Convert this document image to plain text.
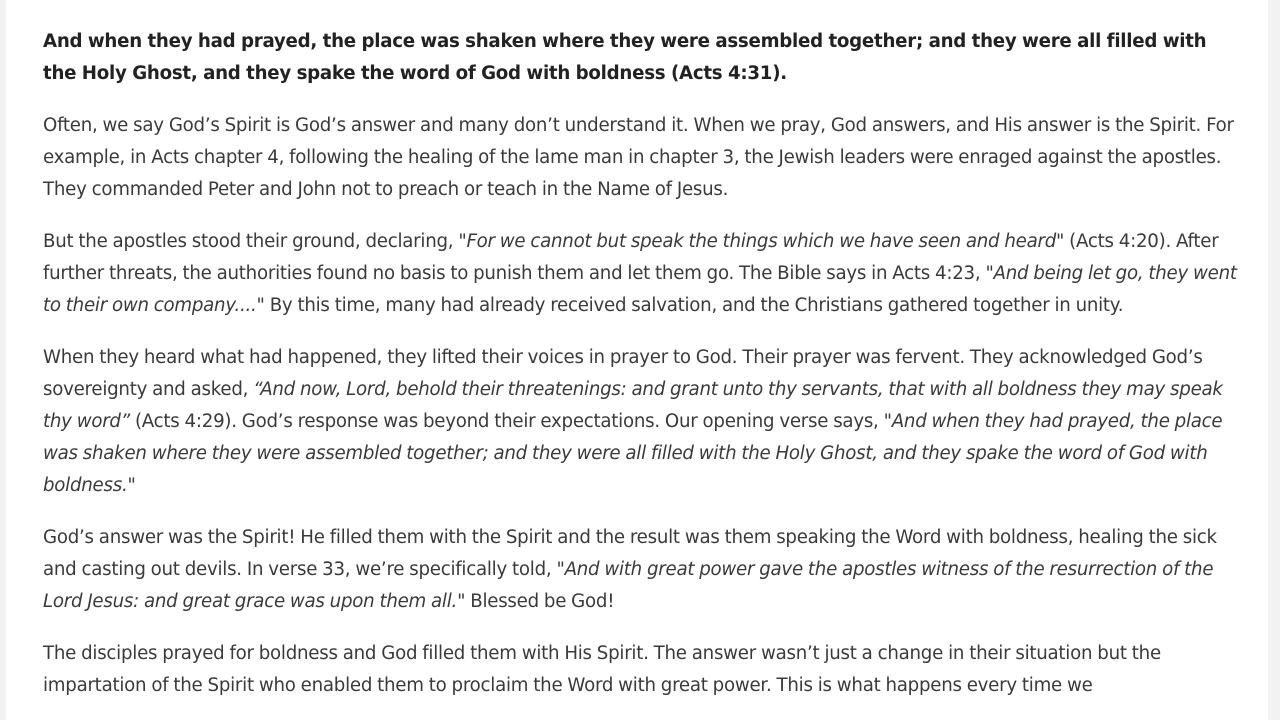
And when they had prayed, the place was shaken where they were assembled together; and they were all filled with the Holy Ghost, and they spake the word of God with boldness (Acts 4:31).

Often, we say God’s Spirit is God’s answer and many don’t understand it. When we pray, God answers, and His answer is the Spirit. For example, in Acts chapter 4, following the healing of the lame man in chapter 3, the Jewish leaders were enraged against the apostles. They commanded Peter and John not to preach or teach in the Name of Jesus.

But the apostles stood their ground, declaring, "For we cannot but speak the things which we have seen and heard" (Acts 4:20). After further threats, the authorities found no basis to punish them and let them go. The Bible says in Acts 4:23, "And being let go, they went to their own company...." By this time, many had already received salvation, and the Christians gathered together in unity.

When they heard what had happened, they lifted their voices in prayer to God. Their prayer was fervent. They acknowledged God’s sovereignty and asked, “And now, Lord, behold their threatenings: and grant unto thy servants, that with all boldness they may speak thy word” (Acts 4:29). God’s response was beyond their expectations. Our opening verse says, "And when they had prayed, the place was shaken where they were assembled together; and they were all filled with the Holy Ghost, and they spake the word of God with boldness."

God’s answer was the Spirit! He filled them with the Spirit and the result was them speaking the Word with boldness, healing the sick and casting out devils. In verse 33, we’re specifically told, "And with great power gave the apostles witness of the resurrection of the Lord Jesus: and great grace was upon them all." Blessed be God!

The disciples prayed for boldness and God filled them with His Spirit. The answer wasn’t just a change in their situation but the impartation of the Spirit who enabled them to proclaim the Word with great power. This is what happens every time we
